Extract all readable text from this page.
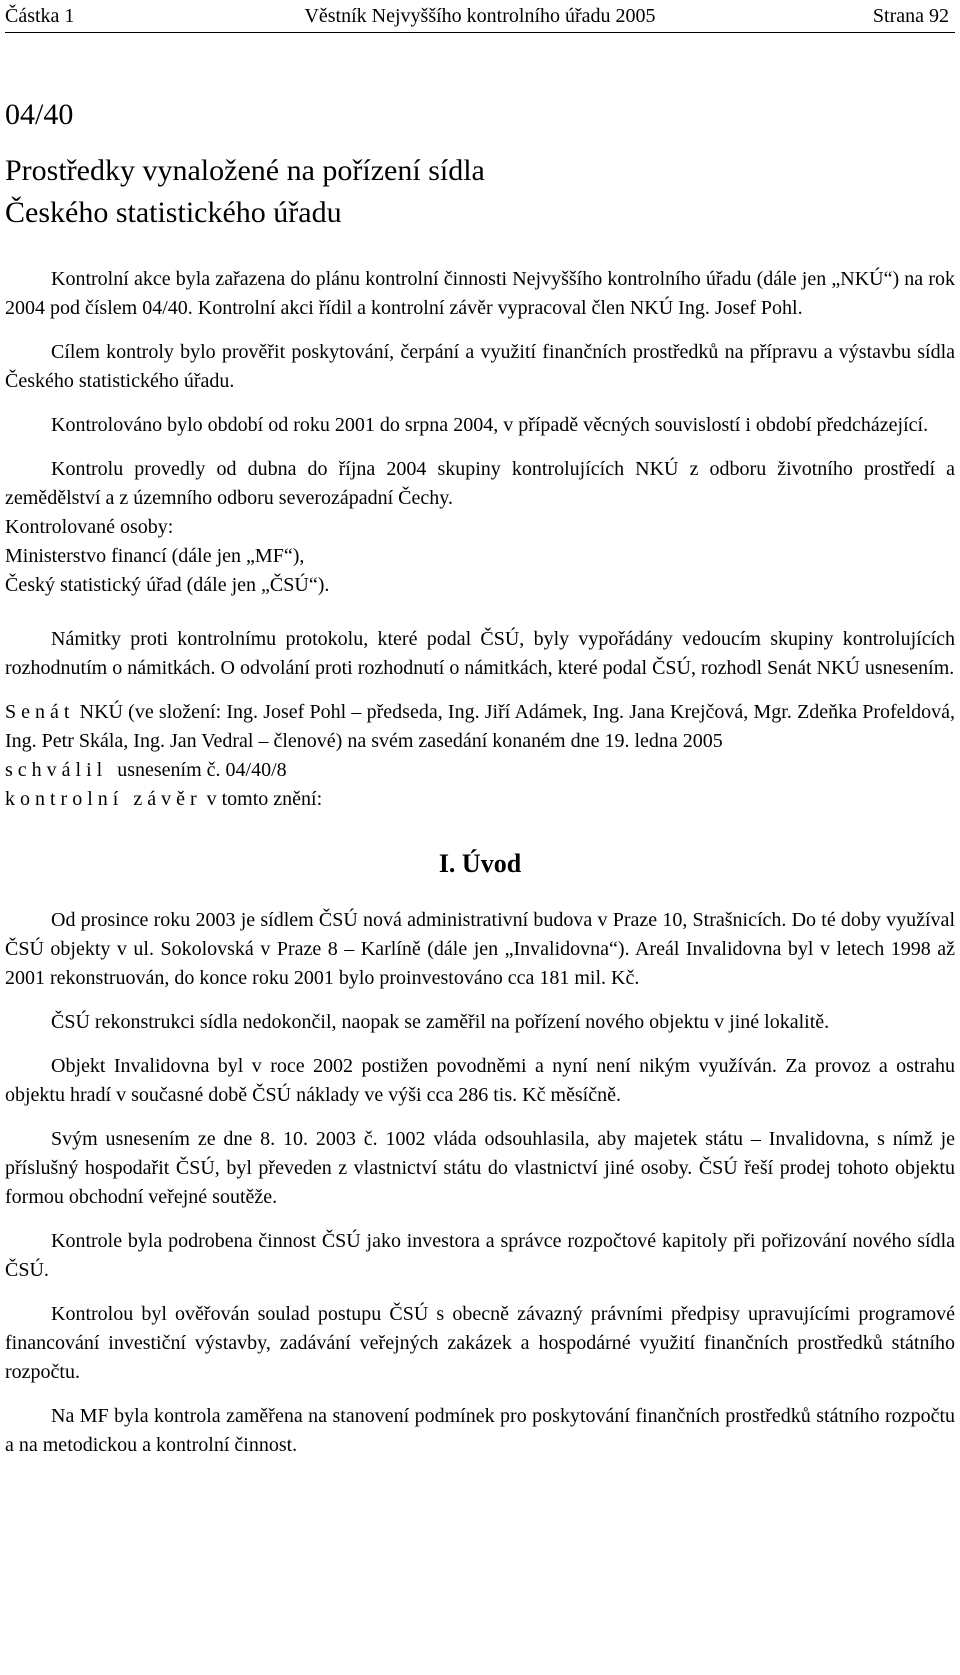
Částka 1	Věstník Nejvyššího kontrolního úřadu 2005	Strana 92
04/40
Prostředky vynaložené na pořízení sídla
Českého statistického úřadu

Kontrolní akce byla zařazena do plánu kontrolní činnosti Nejvyššího kontrolního úřadu (dále jen „NKÚ“) na rok 2004 pod číslem 04/40. Kontrolní akci řídil a kontrolní závěr vypracoval člen NKÚ Ing. Josef Pohl.

Cílem kontroly bylo prověřit poskytování, čerpání a využití finančních prostředků na přípravu a výstavbu sídla Českého statistického úřadu.

Kontrolováno bylo období od roku 2001 do srpna 2004, v případě věcných souvislostí i období předcházející.

Kontrolu provedly od dubna do října 2004 skupiny kontrolujících NKÚ z odboru životního prostředí a zemědělství a z územního odboru severozápadní Čechy.

Kontrolované osoby:

Ministerstvo financí (dále jen „MF“),

Český statistický úřad (dále jen „ČSÚ“).

Námitky proti kontrolnímu protokolu, které podal ČSÚ, byly vypořádány vedoucím skupiny kontrolujících rozhodnutím o námitkách. O odvolání proti rozhodnutí o námitkách, které podal ČSÚ, rozhodl Senát NKÚ usnesením.

Senát NKÚ (ve složení: Ing. Josef Pohl – předseda, Ing. Jiří Adámek, Ing. Jana Krejčová, Mgr. Zdeňka Profeldová, Ing. Petr Skála, Ing. Jan Vedral – členové) na svém zasedání konaném dne 19. ledna 2005

schválil usnesením č. 04/40/8

kontrolní závěr v tomto znění:

I. Úvod

Od prosince roku 2003 je sídlem ČSÚ nová administrativní budova v Praze 10, Strašnicích. Do té doby využíval ČSÚ objekty v ul. Sokolovská v Praze 8 – Karlíně (dále jen „Invalidovna“). Areál Invalidovna byl v letech 1998 až 2001 rekonstruován, do konce roku 2001 bylo proinvestováno cca 181 mil. Kč.

ČSÚ rekonstrukci sídla nedokončil, naopak se zaměřil na pořízení nového objektu v jiné lokalitě.

Objekt Invalidovna byl v roce 2002 postižen povodněmi a nyní není nikým využíván. Za provoz a ostrahu objektu hradí v současné době ČSÚ náklady ve výši cca 286 tis. Kč měsíčně.

Svým usnesením ze dne 8. 10. 2003 č. 1002 vláda odsouhlasila, aby majetek státu – Invalidovna, s nímž je příslušný hospodařit ČSÚ, byl převeden z vlastnictví státu do vlastnictví jiné osoby. ČSÚ řeší prodej tohoto objektu formou obchodní veřejné soutěže.

Kontrole byla podrobena činnost ČSÚ jako investora a správce rozpočtové kapitoly při pořizování nového sídla ČSÚ.

Kontrolou byl ověřován soulad postupu ČSÚ s obecně závazný právními předpisy upravujícími programové financování investiční výstavby, zadávání veřejných zakázek a hospodárné využití finančních prostředků státního rozpočtu.

Na MF byla kontrola zaměřena na stanovení podmínek pro poskytování finančních prostředků státního rozpočtu a na metodickou a kontrolní činnost.
